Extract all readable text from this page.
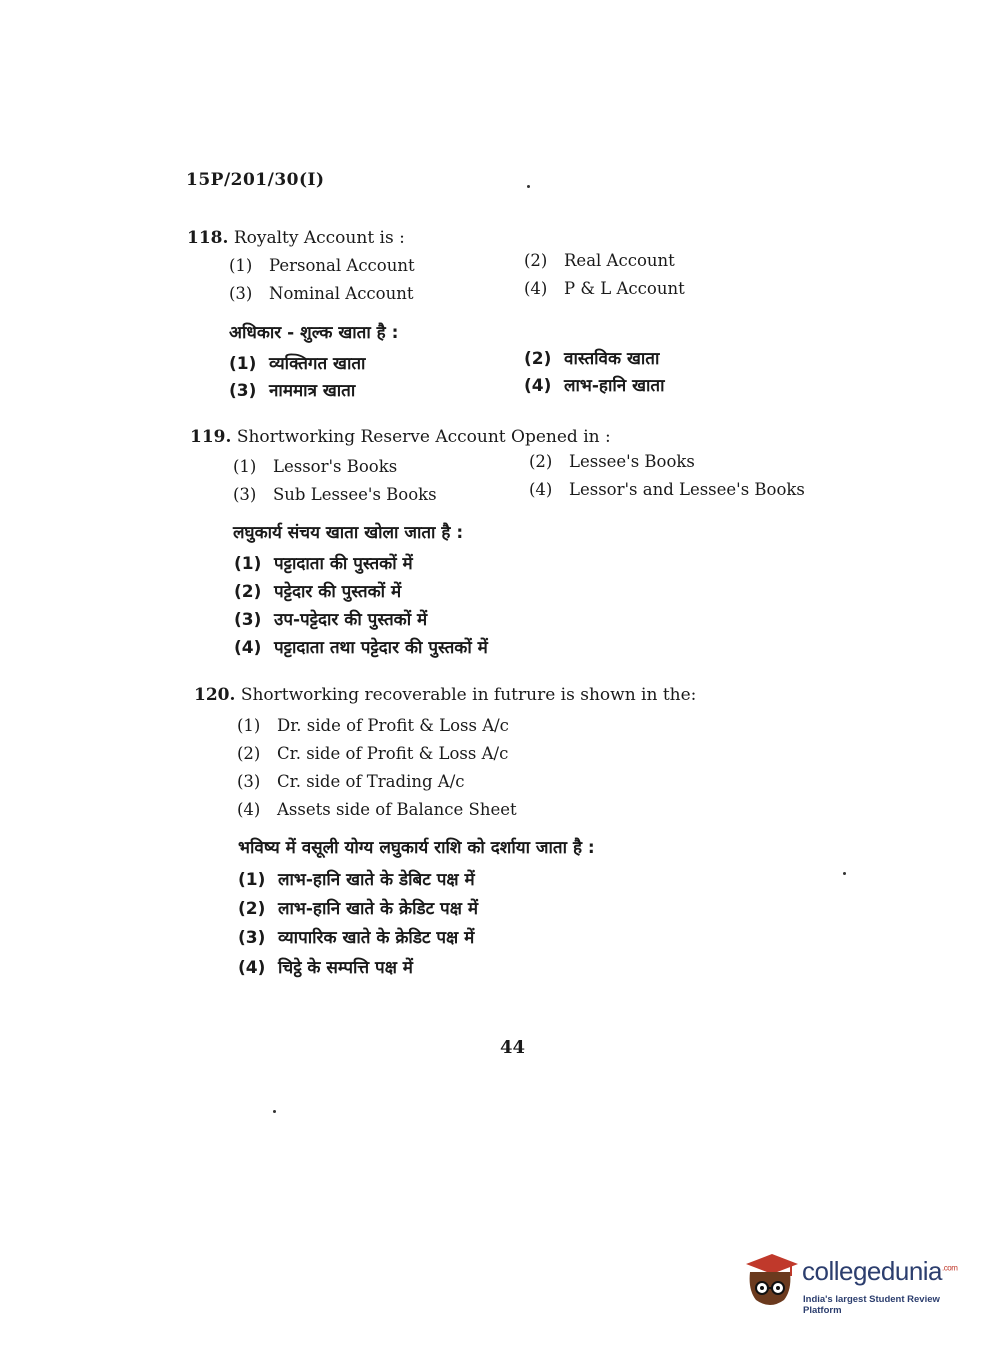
15P/201/30(I)
118. Royalty Account is :
(1) Personal Account	(2) Real Account
(3) Nominal Account	(4) P & L Account
अधिकार - शुल्क खाता है :
(1) व्यक्तिगत खाता	(2) वास्तविक खाता
(3) नाममात्र खाता	(4) लाभ-हानि खाता
119. Shortworking Reserve Account Opened in :
(1) Lessor's Books	(2) Lessee's Books
(3) Sub Lessee's Books	(4) Lessor's and Lessee's Books
लघुकार्य संचय खाता खोला जाता है :
(1) पट्टादाता की पुस्तकों में
(2) पट्टेदार की पुस्तकों में
(3) उप-पट्टेदार की पुस्तकों में
(4) पट्टादाता तथा पट्टेदार की पुस्तकों में
120. Shortworking recoverable in futrure is shown in the:
(1) Dr. side of Profit & Loss A/c
(2) Cr. side of Profit & Loss A/c
(3) Cr. side of Trading A/c
(4) Assets side of Balance Sheet
भविष्य में वसूली योग्य लघुकार्य राशि को दर्शाया जाता है :
(1) लाभ-हानि खाते के डेबिट पक्ष में
(2) लाभ-हानि खाते के क्रेडिट पक्ष में
(3) व्यापारिक खाते के क्रेडिट पक्ष में
(4) चिट्ठे के सम्पत्ति पक्ष में
44
collegedunia$^{.com}$
India's largest Student Review Platform
